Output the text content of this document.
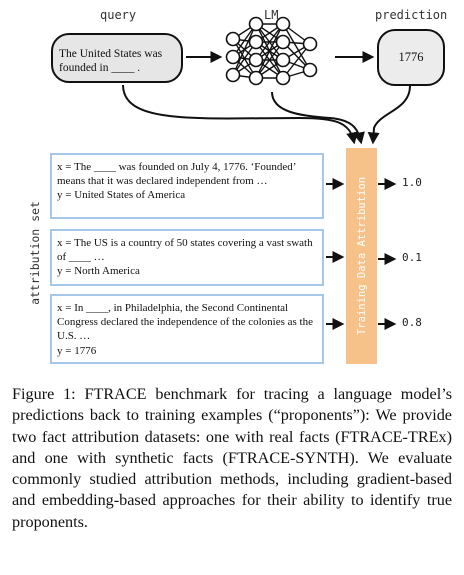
query	LM	prediction
The United States was
founded in ____ .
1776
attribution set
x = The ____ was founded on July 4, 1776. ‘Founded’
means that it was declared independent from …
y = United States of America
x = The US is a country of 50 states covering a vast swath
of ____ …
y = North America
x = In ____, in Philadelphia, the Second Continental
Congress declared the independence of the colonies as the
U.S. …
y = 1776
Training Data Attribution	1.0
0.1
0.8
Figure 1: FTRACE benchmark for tracing a language model’s predictions back to training examples (“proponents”): We provide two fact attribution datasets: one with real facts (FTRACE-TREx) and one with synthetic facts (FTRACE-SYNTH). We evaluate commonly studied attribution methods, including gradient-based and embedding-based approaches for their ability to identify true proponents.
